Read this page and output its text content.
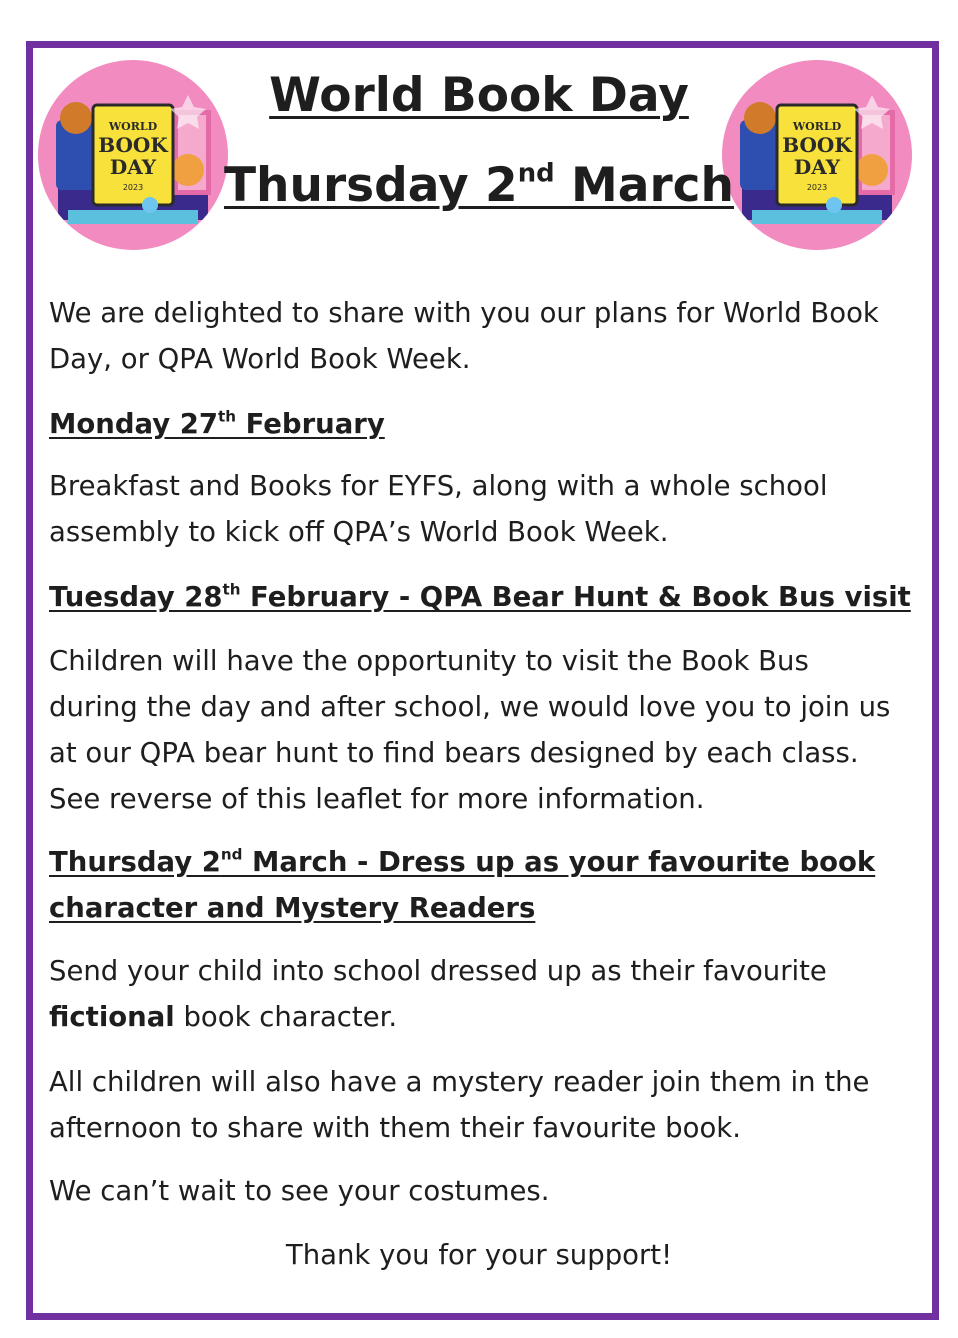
WORLD
BOOK
DAY
2023
WORLD
BOOK
DAY
2023
World Book Day
Thursday 2nd March
We are delighted to share with you our plans for World Book
Day, or QPA World Book Week.
Monday 27th February
Breakfast and Books for EYFS, along with a whole school
assembly to kick off QPA’s World Book Week.
Tuesday 28th February - QPA Bear Hunt & Book Bus visit
Children will have the opportunity to visit the Book Bus
during the day and after school, we would love you to join us
at our QPA bear hunt to find bears designed by each class.
See reverse of this leaflet for more information.
Thursday 2nd March - Dress up as your favourite book
character and Mystery Readers
Send your child into school dressed up as their favourite
fictional book character.
All children will also have a mystery reader join them in the
afternoon to share with them their favourite book.
We can’t wait to see your costumes.
Thank you for your support!
